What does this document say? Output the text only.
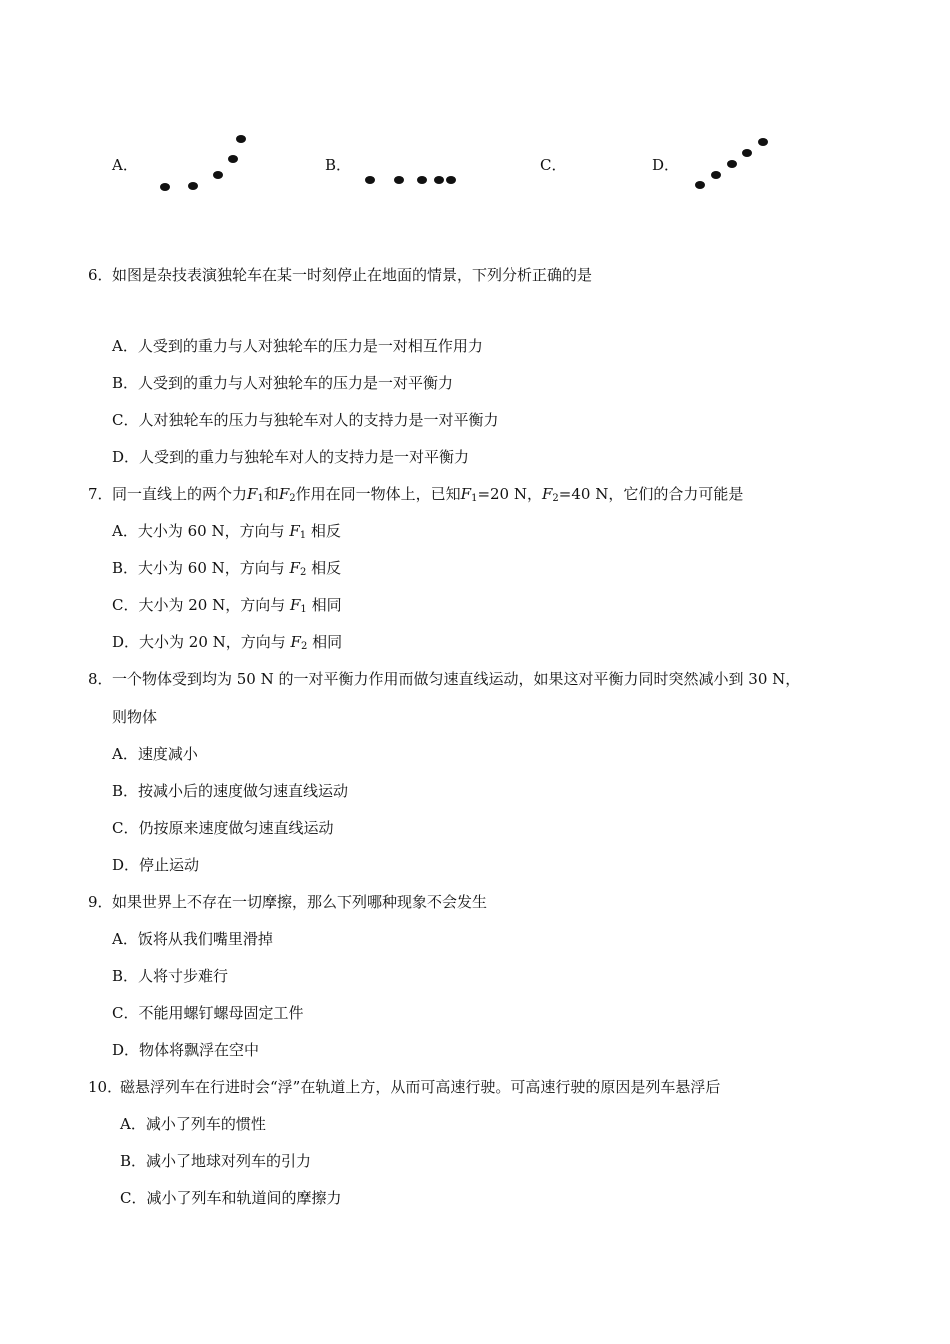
A．	B．	C．	D．
6． 如图是杂技表演独轮车在某一时刻停止在地面的情景，下列分析正确的是
A．人受到的重力与人对独轮车的压力是一对相互作用力
B．人受到的重力与人对独轮车的压力是一对平衡力
C．人对独轮车的压力与独轮车对人的支持力是一对平衡力
D．人受到的重力与独轮车对人的支持力是一对平衡力
7． 同一直线上的两个力$F_1$和$F_2$作用在同一物体上，已知$F_1=20$ N，$F_2=40$ N，它们的合力可能是
A．大小为 60 N，方向与 $F_1$ 相反
B．大小为 60 N，方向与 $F_2$ 相反
C．大小为 20 N，方向与 $F_1$ 相同
D．大小为 20 N，方向与 $F_2$ 相同
8． 一个物体受到均为 50 N 的一对平衡力作用而做匀速直线运动，如果这对平衡力同时突然减小到 30 N，
则物体
A．速度减小
B．按减小后的速度做匀速直线运动
C．仍按原来速度做匀速直线运动
D．停止运动
9． 如果世界上不存在一切摩擦，那么下列哪种现象不会发生
A．饭将从我们嘴里滑掉
B．人将寸步难行
C．不能用螺钉螺母固定工件
D．物体将飘浮在空中
10．
磁悬浮列车在行进时会“浮”在轨道上方，从而可高速行驶。可高速行驶的原因是列车悬浮后
A．减小了列车的惯性
B．减小了地球对列车的引力
C．减小了列车和轨道间的摩擦力
